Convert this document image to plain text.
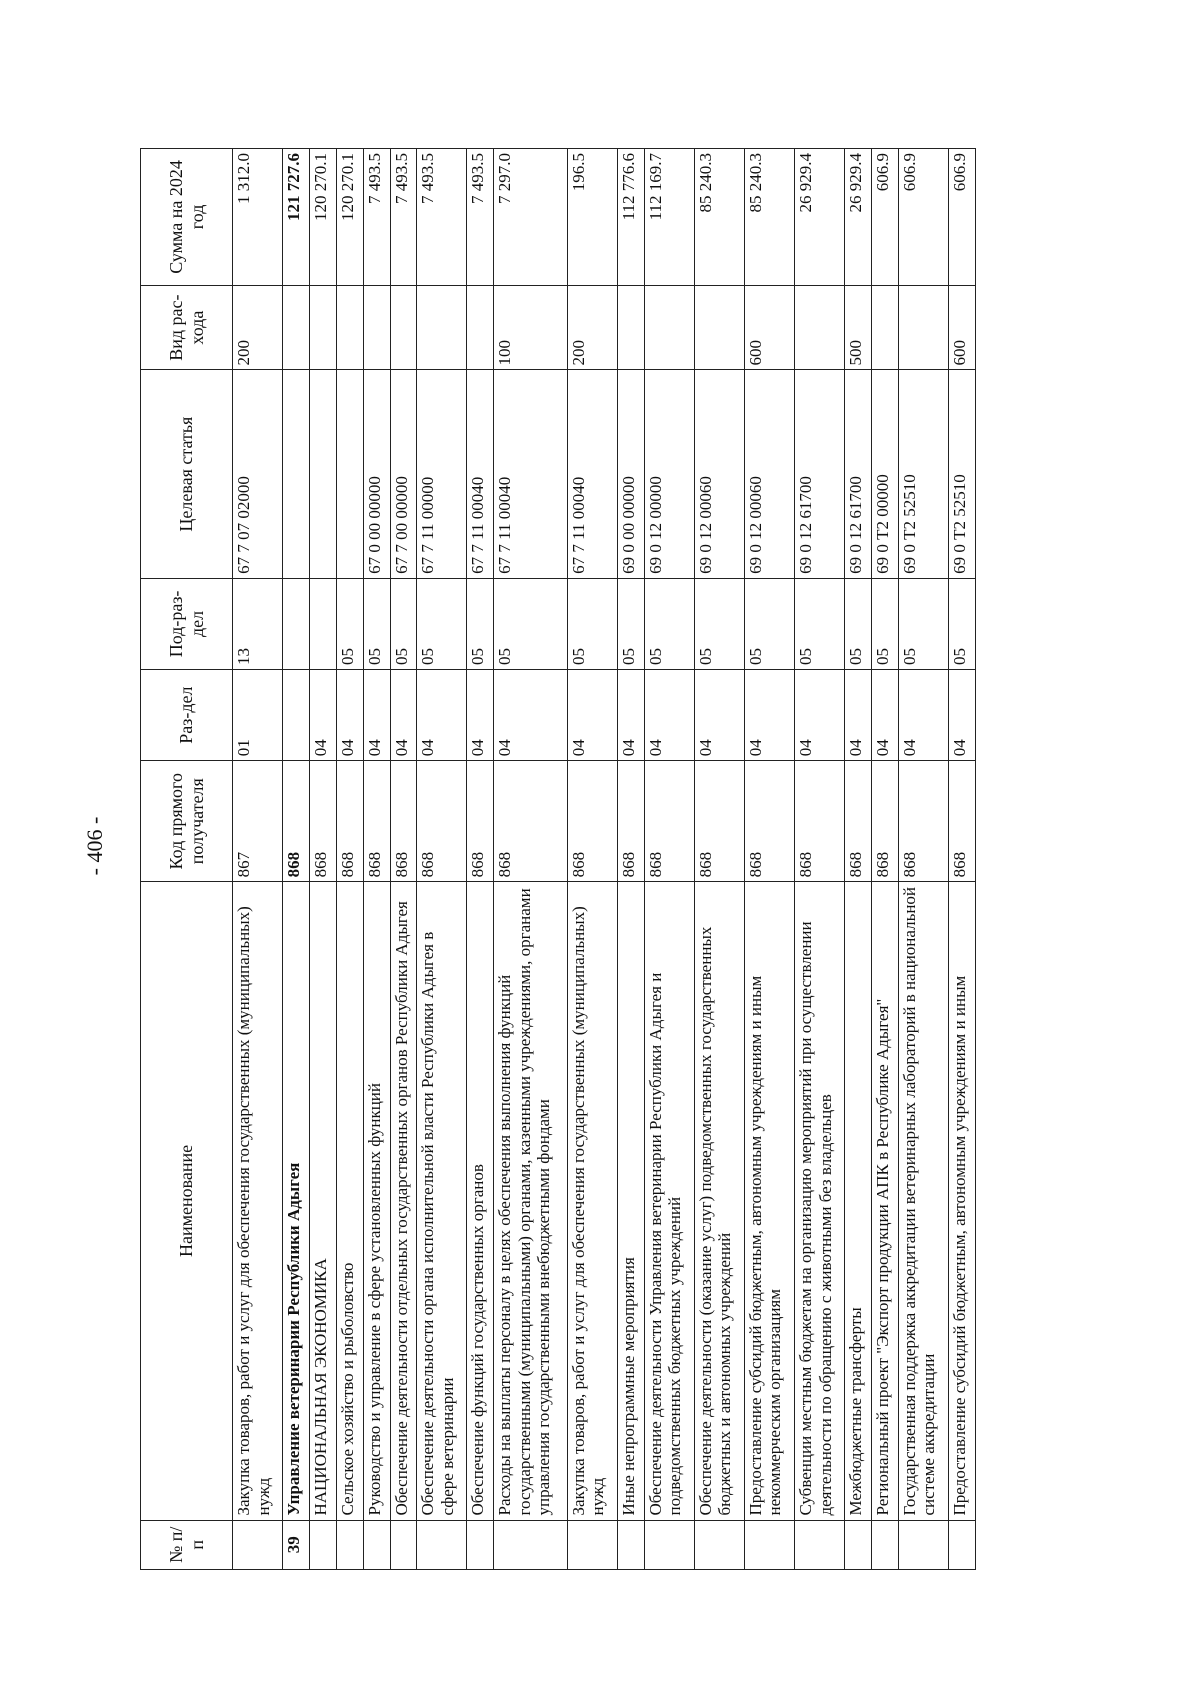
- 406 -
№ п/п	Наименование	Код прямого получателя	Раз-дел	Под-раз-дел	Целевая статья	Вид рас-хода	Сумма на 2024 год
	Закупка товаров, работ и услуг для обеспечения государственных (муниципальных) нужд	867	01	13	67 7 07 02000	200	1 312.0
39	Управление ветеринарии Республики Адыгея	868					121 727.6
	НАЦИОНАЛЬНАЯ ЭКОНОМИКА	868	04				120 270.1
	Сельское хозяйство и рыболовство	868	04	05			120 270.1
	Руководство и управление в сфере установленных функций	868	04	05	67 0 00 00000		7 493.5
	Обеспечение деятельности отдельных государственных органов Республики Адыгея	868	04	05	67 7 00 00000		7 493.5
	Обеспечение деятельности органа исполнительной власти Республики Адыгея в сфере ветеринарии	868	04	05	67 7 11 00000		7 493.5
	Обеспечение функций государственных органов	868	04	05	67 7 11 00040		7 493.5
	Расходы на выплаты персоналу в целях обеспечения выполнения функций государственными (муниципальными) органами, казенными учреждениями, органами управления государственными внебюджетными фондами	868	04	05	67 7 11 00040	100	7 297.0
	Закупка товаров, работ и услуг для обеспечения государственных (муниципальных) нужд	868	04	05	67 7 11 00040	200	196.5
	Иные непрограммные мероприятия	868	04	05	69 0 00 00000		112 776.6
	Обеспечение деятельности Управления ветеринарии Республики Адыгея и подведомственных бюджетных учреждений	868	04	05	69 0 12 00000		112 169.7
	Обеспечение деятельности (оказание услуг) подведомственных государственных бюджетных и автономных учреждений	868	04	05	69 0 12 00060		85 240.3
	Предоставление субсидий бюджетным, автономным учреждениям и иным некоммерческим организациям	868	04	05	69 0 12 00060	600	85 240.3
	Субвенции местным бюджетам на организацию мероприятий при осуществлении деятельности по обращению с животными без владельцев	868	04	05	69 0 12 61700		26 929.4
	Межбюджетные трансферты	868	04	05	69 0 12 61700	500	26 929.4
	Региональный проект "Экспорт продукции АПК в Республике Адыгея"	868	04	05	69 0 Т2 00000		606.9
	Государственная поддержка аккредитации ветеринарных лабораторий в национальной системе аккредитации	868	04	05	69 0 Т2 52510		606.9
	Предоставление субсидий бюджетным, автономным учреждениям и иным	868	04	05	69 0 Т2 52510	600	606.9
